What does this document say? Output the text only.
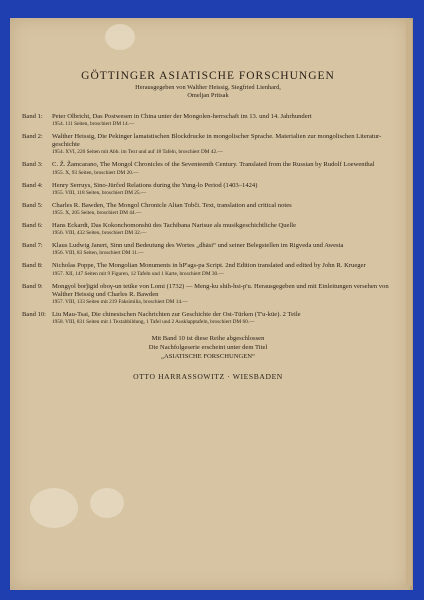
GÖTTINGER ASIATISCHE FORSCHUNGEN
Herausgegeben von Walther Heissig, Siegfried Lienhard,
Omeljan Pritsak
Band 1:	Peter Olbricht, Das Postwesen in China unter der Mongolen-herrschaft im 13. und 14. Jahrhundert
1954. 111 Seiten, broschiert DM 14.—
Band 2:	Walther Heissig, Die Pekinger lamaistischen Blockdrucke in mongolischer Sprache. Materialien zur mongolischen Literatur-geschichte
1954. XVI, 220 Seiten mit Abb. im Text und auf 18 Tafeln, broschiert DM 42.—
Band 3:	C. Ž. Žamcarano, The Mongol Chronicles of the Seventeenth Century. Translated from the Russian by Rudolf Loewenthal
1955. X, 93 Seiten, broschiert DM 20.—
Band 4:	Henry Serruys, Sino-Jürčed Relations during the Yung-lo Period (1403–1424)
1955. VIII, 118 Seiten, broschiert DM 25.—
Band 5:	Charles R. Bawden, The Mongol Chronicle Altan Tobči. Text, translation and critical notes
1955. X, 205 Seiten, broschiert DM 44.—
Band 6:	Hans Eckardt, Das Kokonchomonshū des Tachibana Narisue als musikgeschichtliche Quelle
1956. VIII, 432 Seiten, broschiert DM 32.—
Band 7:	Klaus Ludwig Janert, Sinn und Bedeutung des Wortes „dhāsi“ und seiner Belegstellen im Rigveda und Awesta
1956. VIII, 83 Seiten, broschiert DM 11.—
Band 8:	Nicholas Poppe, The Mongolian Monuments in hP'ags-pa Script. 2nd Edition translated and edited by John R. Krueger
1957. XII, 147 Seiten mit 9 Figuren, 12 Tafeln und 1 Karte, broschiert DM 30.—
Band 9:	Mongγol borǰigid oboγ-un teüke von Lomi (1732) — Meng-ku shih-hsi-p'u. Herausgegeben und mit Einleitungen versehen von Walther Heissig und Charles R. Bawden
1957. VIII, 133 Seiten mit 219 Faksimilia, broschiert DM 14.—
Band 10: Liu Mau-Tsai, Die chinesischen Nachrichten zur Geschichte der Ost-Türken (T'u-küe). 2 Teile
1958. VIII, 831 Seiten mit 1 Textabbildung, 1 Tafel und 2 Ausklapptafeln, broschiert DM 60.—
Mit Band 10 ist diese Reihe abgeschlossen
Die Nachfolgeserie erscheint unter dem Titel
„ASIATISCHE FORSCHUNGEN“
OTTO HARRASSOWITZ · WIESBADEN
